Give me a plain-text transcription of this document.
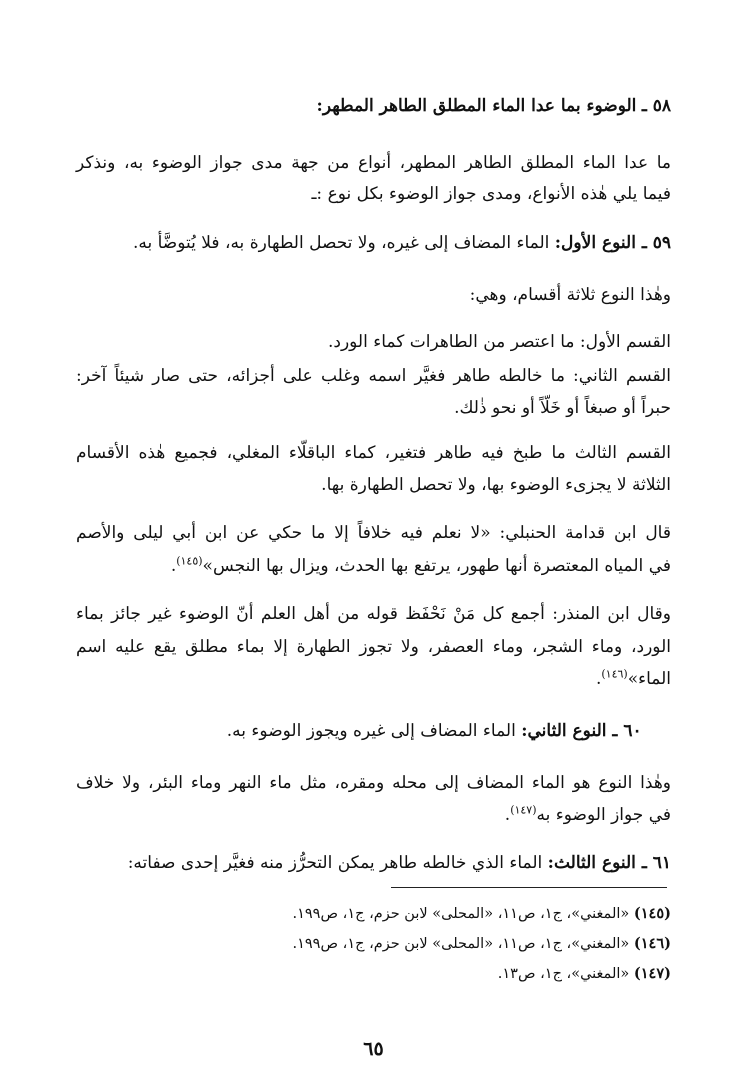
٥٨ ـ الوضوء بما عدا الماء المطلق الطاهر المطهر:
ما عدا الماء المطلق الطاهر المطهر، أنواع من جهة مدى جواز الوضوء به، ونذكر
فيما يلي هٰذه الأنواع، ومدى جواز الوضوء بكل نوع :ـ
٥٩ ـ النوع الأول: الماء المضاف إلى غيره، ولا تحصل الطهارة به، فلا يُتوضَّأ به.
وهٰذا النوع ثلاثة أقسام، وهي:
القسم الأول: ما اعتصر من الطاهرات كماء الورد.
القسم الثاني: ما خالطه طاهر فغيَّر اسمه وغلب على أجزائه، حتى صار شيئاً آخر:
حبراً أو صبغاً أو خَلّاً أو نحو ذٰلك.
القسم الثالث ما طبخ فيه طاهر فتغير، كماء الباقلّاء المغلي، فجميع هٰذه الأقسام
الثلاثة لا يجزىء الوضوء بها، ولا تحصل الطهارة بها.
قال ابن قدامة الحنبلي: «لا نعلم فيه خلافاً إلا ما حكي عن ابن أبي ليلى والأصم
في المياه المعتصرة أنها طهور، يرتفع بها الحدث، ويزال بها النجس»$^{(١٤٥)}$.
وقال ابن المنذر: أجمع كل مَنْ نَحْفَظ قوله من أهل العلم أنّ الوضوء غير جائز بماء
الورد، وماء الشجر، وماء العصفر، ولا تجوز الطهارة إلا بماء مطلق يقع عليه اسم
الماء»$^{(١٤٦)}$.
٦٠ ـ النوع الثاني: الماء المضاف إلى غيره ويجوز الوضوء به.
وهٰذا النوع هو الماء المضاف إلى محله ومقره، مثل ماء النهر وماء البئر، ولا خلاف
في جواز الوضوء به$^{(١٤٧)}$.
٦١ ـ النوع الثالث: الماء الذي خالطه طاهر يمكن التحرُّز منه فغيَّر إحدى صفاته:
(١٤٥) «المغني»، ج١، ص١١، «المحلى» لابن حزم، ج١، ص١٩٩.
(١٤٦) «المغني»، ج١، ص١١، «المحلى» لابن حزم، ج١، ص١٩٩.
(١٤٧) «المغني»، ج١، ص١٣.
٦٥
